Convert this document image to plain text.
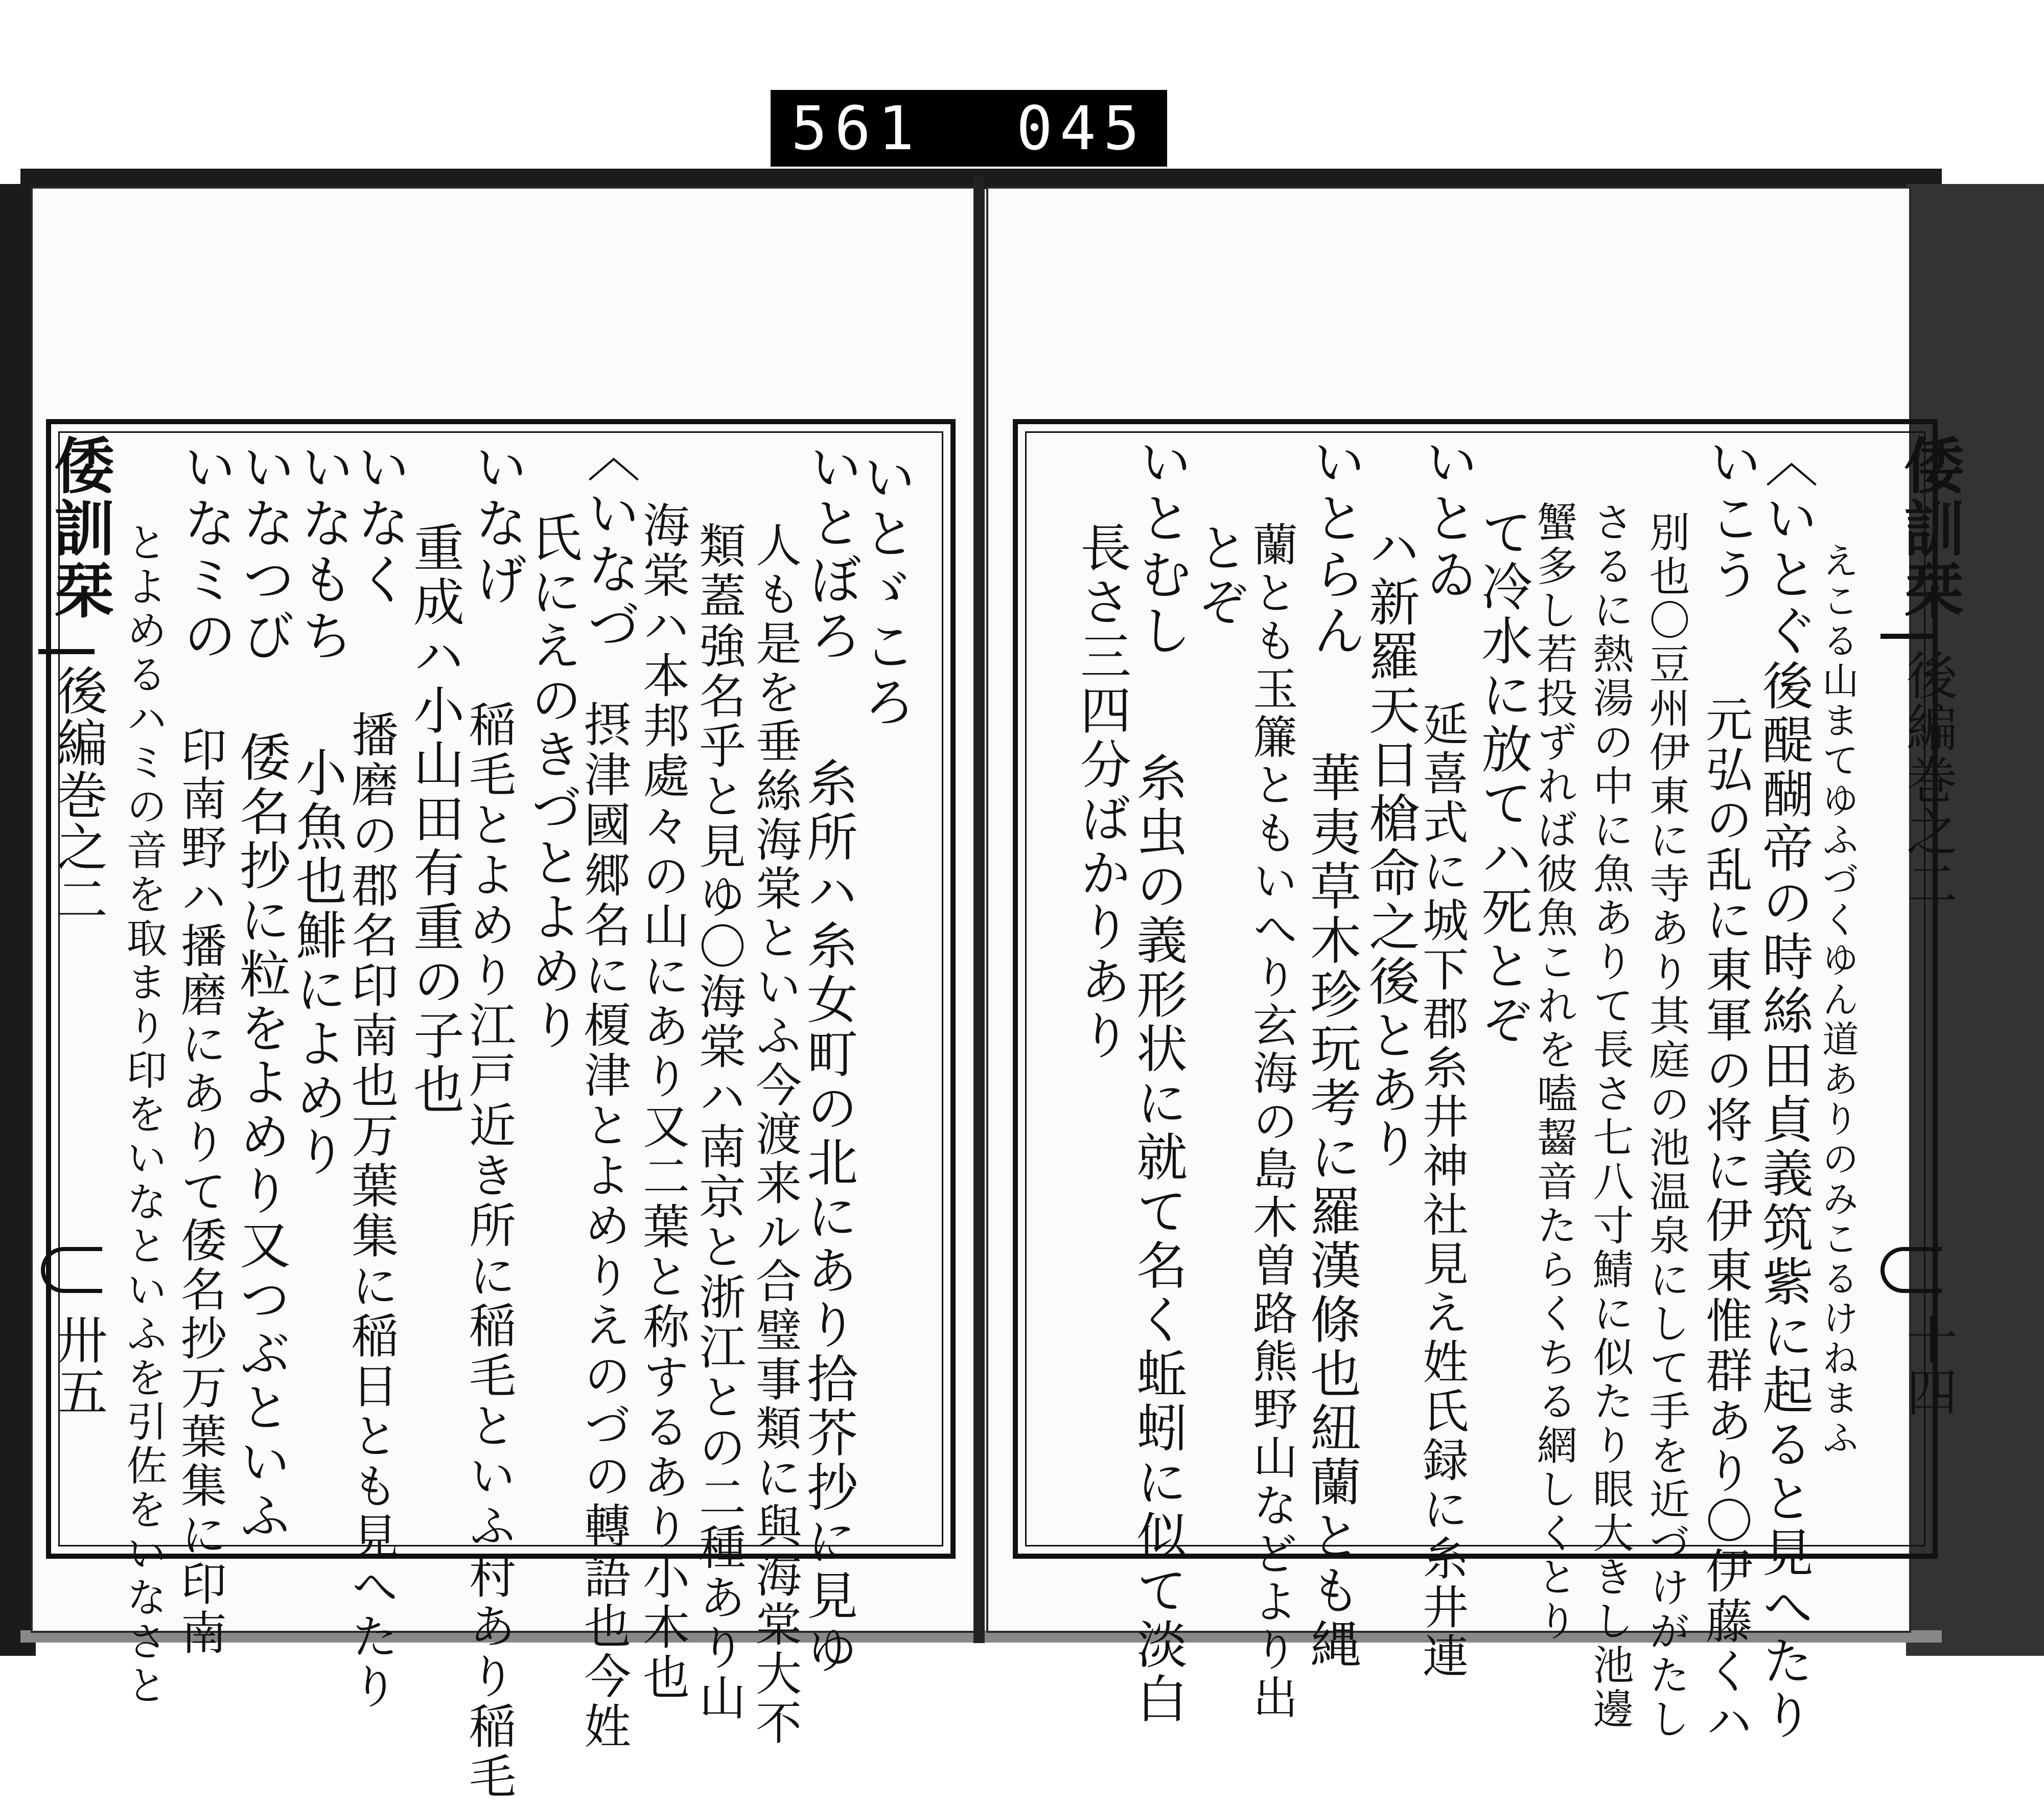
561 045
倭訓栞
後編巻之二
卅五
倭訓栞
後編巻之二
十四
いとゞころ
糸所ハ糸女町の北にあり拾芥抄に見ゆ
いとぼろ
人も是を垂絲海棠といふ今渡来ル合璧事類に與海棠大不
類蓋強名乎と見ゆ〇海棠ハ南京と浙江との二種あり山
海棠ハ本邦處々の山にあり又二葉と称するあり小木也
〈いなづ
摂津國郷名に榎津とよめりえのづの轉語也今姓
氏にえのきづとよめり
いなげ
稲毛とよめり江戸近き所に稲毛といふ村あり稲毛
重成ハ小山田有重の子也
いなく
播磨の郡名印南也万葉集に稲日とも見へたり
いなもち
小魚也鯡によめり
いなつび
倭名抄に粒をよめり又つぶといふ
いなミの
印南野ハ播磨にありて倭名抄万葉集に印南
とよめるハミの音を取まり印をいなといふを引佐をいなさと	えこる山まてゆふづくゆん道ありのみこるけねまふ
〈いとぐ
後醍醐帝の時絲田貞義筑紫に起ると見へたり
いこう
元弘の乱に東軍の将に伊東惟群あり〇伊藤くハ
別也〇豆州伊東に寺あり其庭の池温泉にして手を近づけがたし
さるに熱湯の中に魚ありて長さ七八寸鯖に似たり眼大きし池邊
蟹多し若投ずれば彼魚これを嗑齧音たらくちる網しくとり
て冷水に放てハ死とぞ
いとゐ
延喜式に城下郡糸井神社見え姓氏録に糸井連
ハ新羅天日槍命之後とあり
いとらん
華夷草木珍玩考に羅漢條也紐蘭とも縄
蘭とも玉簾ともいへり玄海の島木曽路熊野山などより出
とぞ
いとむし
糸虫の義形状に就て名く蚯蚓に似て淡白
長さ三四分ばかりあり
